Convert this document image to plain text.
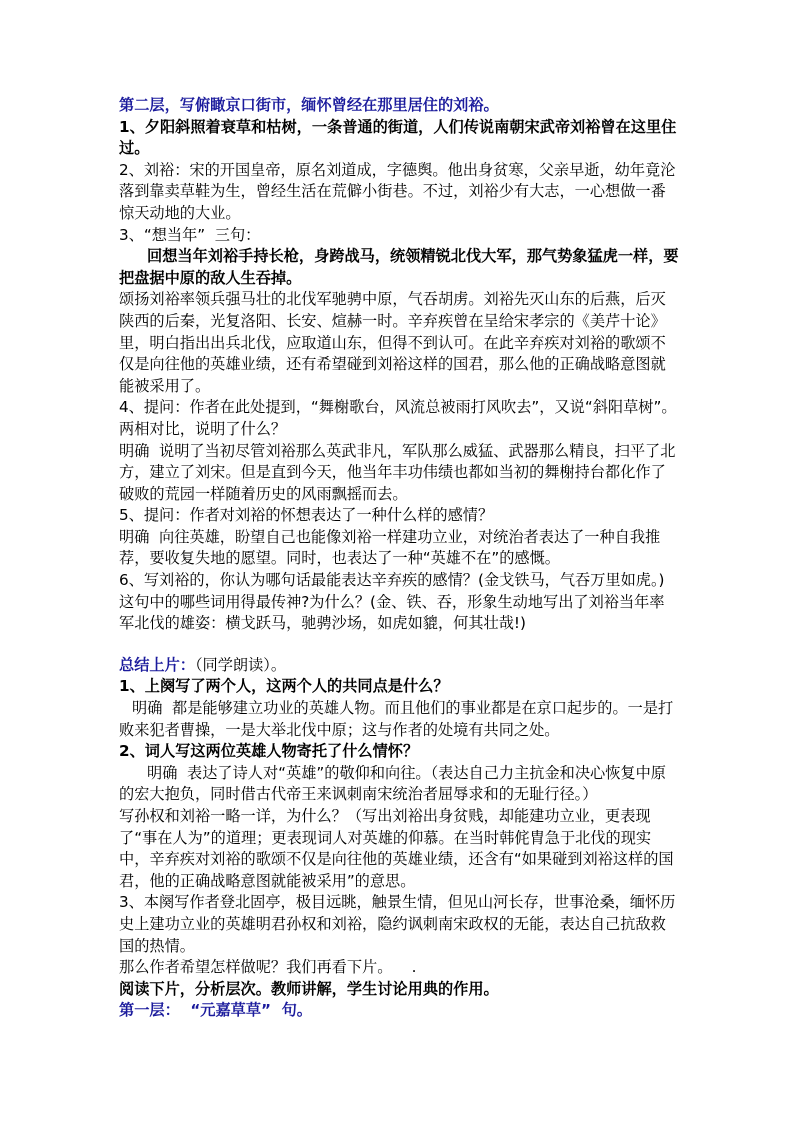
第二层，写俯瞰京口街市，缅怀曾经在那里居住的刘裕。

1、夕阳斜照着衰草和枯树，一条普通的街道，人们传说南朝宋武帝刘裕曾在这里住过。

2、刘裕：宋的开国皇帝，原名刘道成，字德舆。他出身贫寒，父亲早逝，幼年竟沦落到靠卖草鞋为生，曾经生活在荒僻小街巷。不过，刘裕少有大志，一心想做一番惊天动地的大业。

3、“想当年”  三句：

回想当年刘裕手持长枪，身跨战马，统领精锐北伐大军，那气势象猛虎一样，要把盘据中原的敌人生吞掉。

颂扬刘裕率领兵强马壮的北伐军驰骋中原，气吞胡虏。刘裕先灭山东的后燕，后灭陕西的后秦，光复洛阳、长安、煊赫一时。辛弃疾曾在呈给宋孝宗的《美芹十论》里，明白指出出兵北伐，应取道山东，但得不到认可。在此辛弃疾对刘裕的歌颂不仅是向往他的英雄业绩，还有希望碰到刘裕这样的国君，那么他的正确战略意图就能被采用了。

4、提问：作者在此处提到，“舞榭歌台，风流总被雨打风吹去”，又说“斜阳草树”。两相对比，说明了什么？

明确  说明了当初尽管刘裕那么英武非凡，军队那么威猛、武器那么精良，扫平了北方，建立了刘宋。但是直到今天，他当年丰功伟绩也都如当初的舞榭持台都化作了破败的荒园一样随着历史的风雨飘摇而去。

5、提问：作者对刘裕的怀想表达了一种什么样的感情？

明确  向往英雄，盼望自己也能像刘裕一样建功立业，对统治者表达了一种自我推荐，要收复失地的愿望。同时，也表达了一种“英雄不在”的感慨。

6、写刘裕的，你认为哪句话最能表达辛弃疾的感情？(金戈铁马，气吞万里如虎。)

这句中的哪些词用得最传神?为什么？(金、铁、吞，形象生动地写出了刘裕当年率军北伐的雄姿：横戈跃马，驰骋沙场，如虎如貔，何其壮哉!)

总结上片：（同学朗读）。

1、上阕写了两个人，这两个人的共同点是什么？

明确  都是能够建立功业的英雄人物。而且他们的事业都是在京口起步的。一是打败来犯者曹操，一是大举北伐中原；这与作者的处境有共同之处。

2、词人写这两位英雄人物寄托了什么情怀？

明确  表达了诗人对“英雄”的敬仰和向往。（表达自己力主抗金和决心恢复中原的宏大抱负，同时借古代帝王来讽刺南宋统治者屈辱求和的无耻行径。）

写孙权和刘裕一略一详，为什么？（写出刘裕出身贫贱，却能建功立业，更表现了“事在人为”的道理；更表现词人对英雄的仰慕。在当时韩侂胄急于北伐的现实中，辛弃疾对刘裕的歌颂不仅是向往他的英雄业绩，还含有“如果碰到刘裕这样的国君，他的正确战略意图就能被采用”的意思。

3、本阕写作者登北固亭，极目远眺，触景生情，但见山河长存，世事沧桑，缅怀历史上建功立业的英雄明君孙权和刘裕，隐约讽刺南宋政权的无能，表达自己抗敌救国的热情。

那么作者希望怎样做呢？我们再看下片。    .

阅读下片，分析层次。教师讲解，学生讨论用典的作用。

第一层：  “元嘉草草”  句。
